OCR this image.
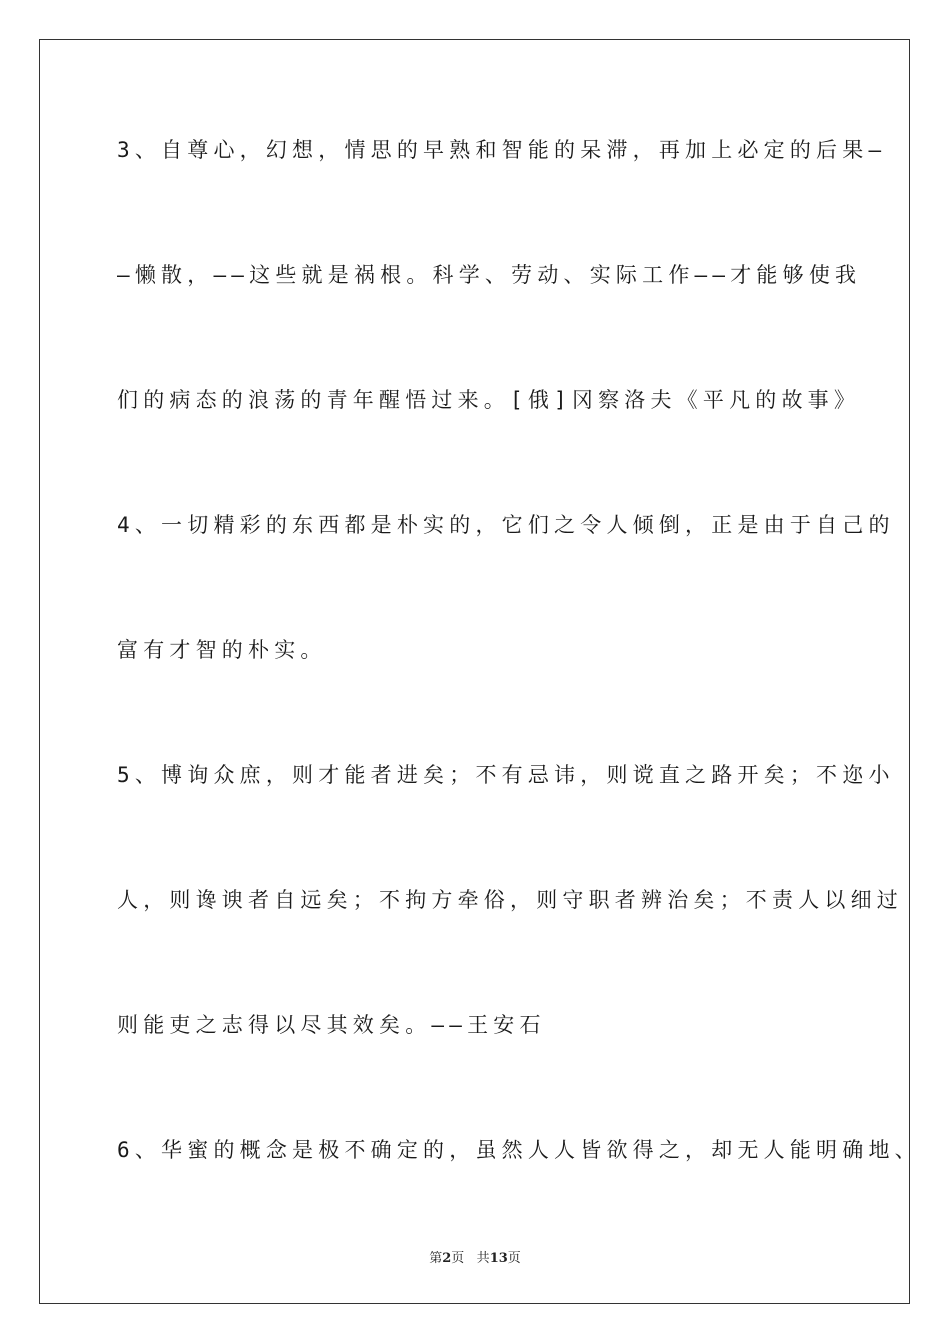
3、自尊心，幻想，情思的早熟和智能的呆滞，再加上必定的后果—
—懒散，——这些就是祸根。科学、劳动、实际工作——才能够使我
们的病态的浪荡的青年醒悟过来。[俄]冈察洛夫《平凡的故事》
4、一切精彩的东西都是朴实的，它们之令人倾倒，正是由于自己的
富有才智的朴实。
5、博询众庶，则才能者进矣；不有忌讳，则谠直之路开矣；不迩小
人，则谗谀者自远矣；不拘方牵俗，则守职者辨治矣；不责人以细过
则能吏之志得以尽其效矣。——王安石
6、华蜜的概念是极不确定的，虽然人人皆欲得之，却无人能明确地、
第2页 共13页
